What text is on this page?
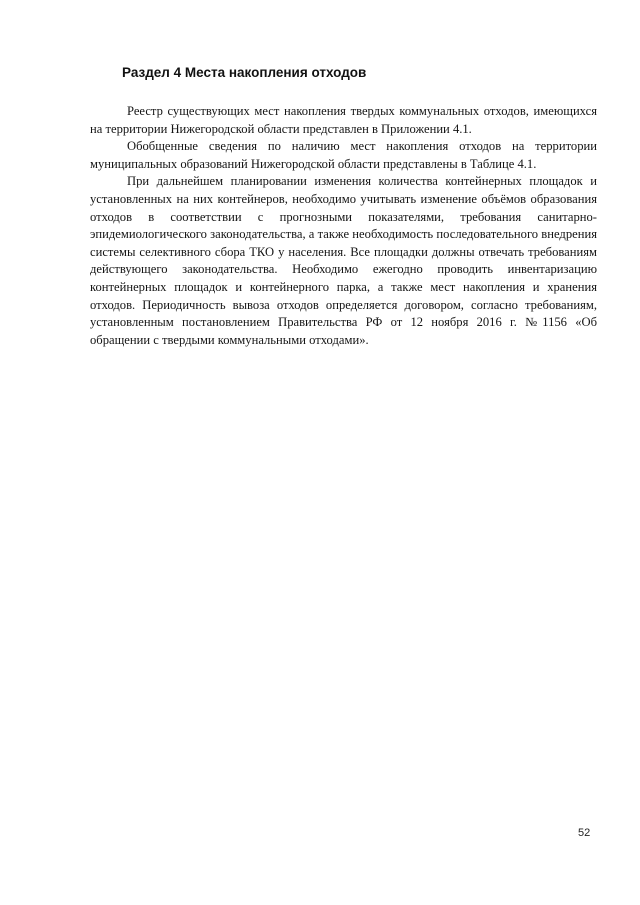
Раздел 4 Места накопления отходов

Реестр существующих мест накопления твердых коммунальных отходов, имеющихся на территории Нижегородской области представлен в Приложении 4.1.

Обобщенные сведения по наличию мест накопления отходов на территории муниципальных образований Нижегородской области представлены в Таблице 4.1.

При дальнейшем планировании изменения количества контейнерных площадок и установленных на них контейнеров, необходимо учитывать изменение объёмов образования отходов в соответствии с прогнозными показателями, требования санитарно-эпидемиологического законодательства, а также необходимость последовательного внедрения системы селективного сбора ТКО у населения. Все площадки должны отвечать требованиям действующего законодательства. Необходимо ежегодно проводить инвентаризацию контейнерных площадок и контейнерного парка, а также мест накопления и хранения отходов. Периодичность вывоза отходов определяется договором, согласно требованиям, установленным постановлением Правительства РФ от 12 ноября 2016 г. №1156 «Об обращении с твердыми коммунальными отходами».

52
